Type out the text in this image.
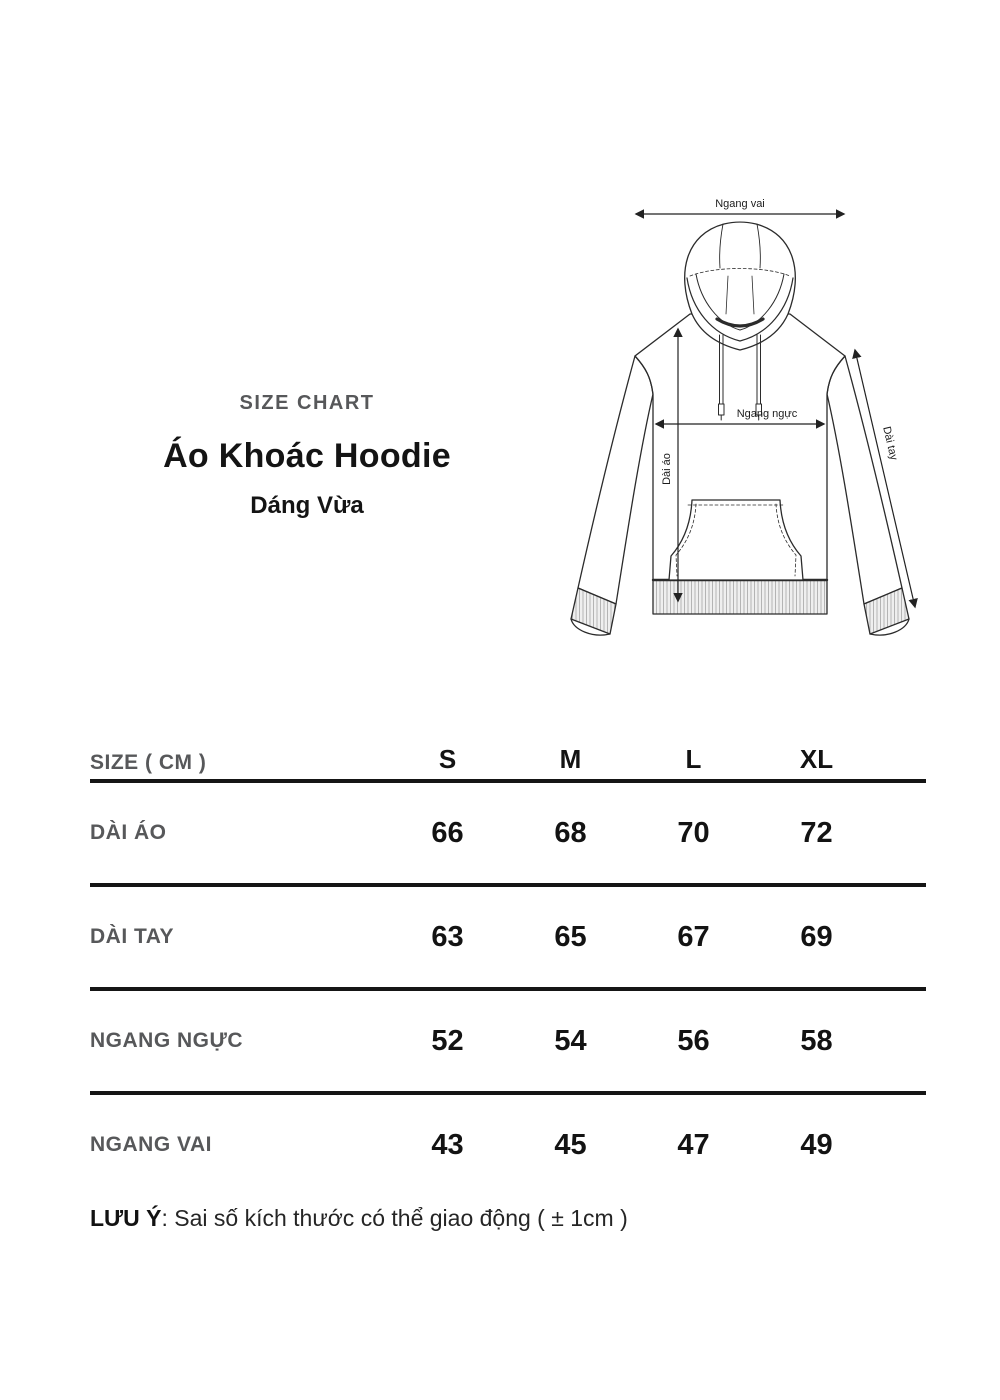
SIZE CHART
Áo Khoác Hoodie
Dáng Vừa
Ngang vai
Ngang ngực
Dài áo
Dài tay
SIZE ( CM )	S	M	L	XL
DÀI ÁO	66	68	70	72
DÀI TAY	63	65	67	69
NGANG NGỰC	52	54	56	58
NGANG VAI	43	45	47	49
LƯU Ý: Sai số kích thước có thể giao động ( ± 1cm )
